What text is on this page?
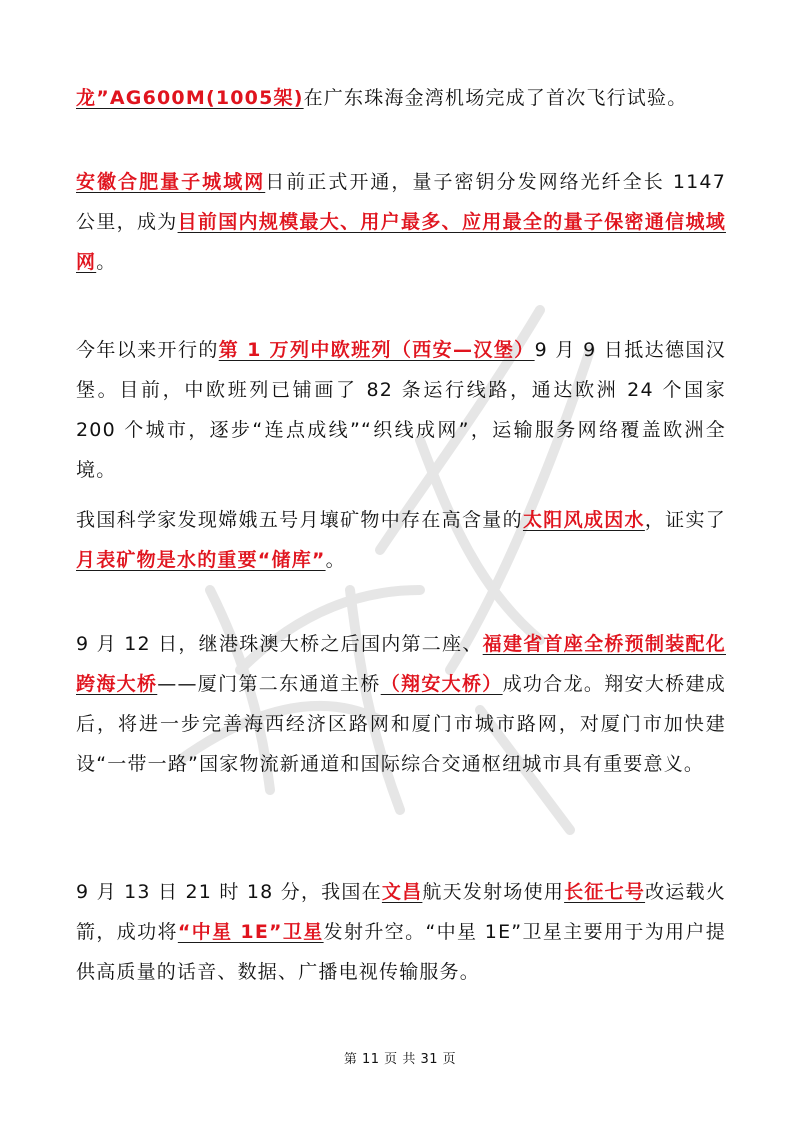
龙”AG600M(1005架)在广东珠海金湾机场完成了首次飞行试验。

安徽合肥量子城域网日前正式开通，量子密钥分发网络光纤全长 1147 公里，成为目前国内规模最大、用户最多、应用最全的量子保密通信城域网。

今年以来开行的第 1 万列中欧班列（西安—汉堡）9 月 9 日抵达德国汉堡。目前，中欧班列已铺画了 82 条运行线路，通达欧洲 24 个国家 200 个城市，逐步“连点成线”“织线成网”，运输服务网络覆盖欧洲全境。

我国科学家发现嫦娥五号月壤矿物中存在高含量的太阳风成因水，证实了月表矿物是水的重要“储库”。

9 月 12 日，继港珠澳大桥之后国内第二座、福建省首座全桥预制装配化跨海大桥——厦门第二东通道主桥（翔安大桥）成功合龙。翔安大桥建成后，将进一步完善海西经济区路网和厦门市城市路网，对厦门市加快建设“一带一路”国家物流新通道和国际综合交通枢纽城市具有重要意义。

9 月 13 日 21 时 18 分，我国在文昌航天发射场使用长征七号改运载火箭，成功将“中星 1E”卫星发射升空。“中星 1E”卫星主要用于为用户提供高质量的话音、数据、广播电视传输服务。

第 11 页 共 31 页
